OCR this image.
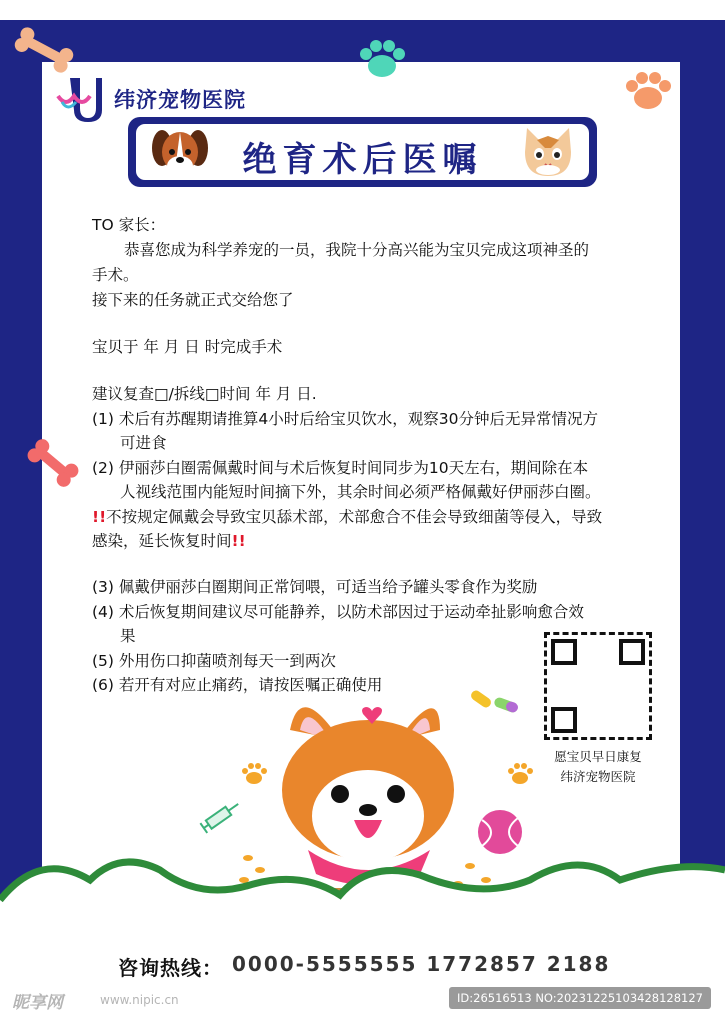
纬济宠物医院
绝育术后医嘱
TO 家长：
恭喜您成为科学养宠的一员，我院十分高兴能为宝贝完成这项神圣的
手术。
接下来的任务就正式交给您了
宝贝于 年 月 日 时完成手术
建议复查□/拆线□时间 年 月 日.
(1) 术后有苏醒期请推算4小时后给宝贝饮水，观察30分钟后无异常情况方
可进食
(2) 伊丽莎白圈需佩戴时间与术后恢复时间同步为10天左右，期间除在本
人视线范围内能短时间摘下外，其余时间必须严格佩戴好伊丽莎白圈。
!!不按规定佩戴会导致宝贝舔术部，术部愈合不佳会导致细菌等侵入，导致
感染，延长恢复时间!!
(3) 佩戴伊丽莎白圈期间正常饲喂，可适当给予罐头零食作为奖励
(4) 术后恢复期间建议尽可能静养，以防术部因过于运动牵扯影响愈合效
果
(5) 外用伤口抑菌喷剂每天一到两次
(6) 若开有对应止痛药，请按医嘱正确使用
愿宝贝早日康复
纬济宠物医院
咨询热线： 0000-5555555 1772857 2188
昵享网	www.nipic.cn	ID:26516513 NO:20231225103428128127
